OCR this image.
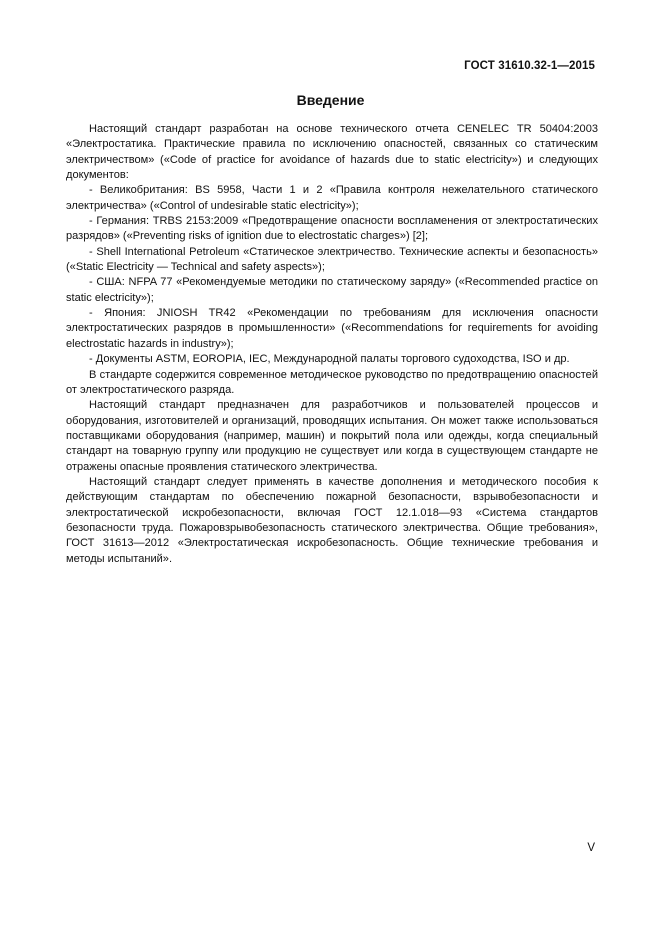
ГОСТ 31610.32-1—2015
Введение

Настоящий стандарт разработан на основе технического отчета CENELEC TR 50404:2003 «Электростатика. Практические правила по исключению опасностей, связанных со статическим электричеством» («Code of practice for avoidance of hazards due to static electricity») и следующих документов:

- Великобритания: BS 5958, Части 1 и 2 «Правила контроля нежелательного статического электричества» («Control of undesirable static electricity»);

- Германия: TRBS 2153:2009 «Предотвращение опасности воспламенения от электростатических разрядов» («Preventing risks of ignition due to electrostatic charges») [2];

- Shell International Petroleum «Статическое электричество. Технические аспекты и безопасность» («Static Electricity — Technical and safety aspects»);

- США: NFPA 77 «Рекомендуемые методики по статическому заряду» («Recommended practice on static electricity»);

- Япония: JNIOSH TR42 «Рекомендации по требованиям для исключения опасности электростатических разрядов в промышленности» («Recommendations for requirements for avoiding electrostatic hazards in industry»);

- Документы ASTM, EOROPIA, IEC, Международной палаты торгового судоходства, ISO и др.

В стандарте содержится современное методическое руководство по предотвращению опасностей от электростатического разряда.

Настоящий стандарт предназначен для разработчиков и пользователей процессов и оборудования, изготовителей и организаций, проводящих испытания. Он может также использоваться поставщиками оборудования (например, машин) и покрытий пола или одежды, когда специальный стандарт на товарную группу или продукцию не существует или когда в существующем стандарте не отражены опасные проявления статического электричества.

Настоящий стандарт следует применять в качестве дополнения и методического пособия к действующим стандартам по обеспечению пожарной безопасности, взрывобезопасности и электростатической искробезопасности, включая ГОСТ 12.1.018—93 «Система стандартов безопасности труда. Пожаровзрывобезопасность статического электричества. Общие требования», ГОСТ 31613—2012 «Электростатическая искробезопасность. Общие технические требования и методы испытаний».

V
